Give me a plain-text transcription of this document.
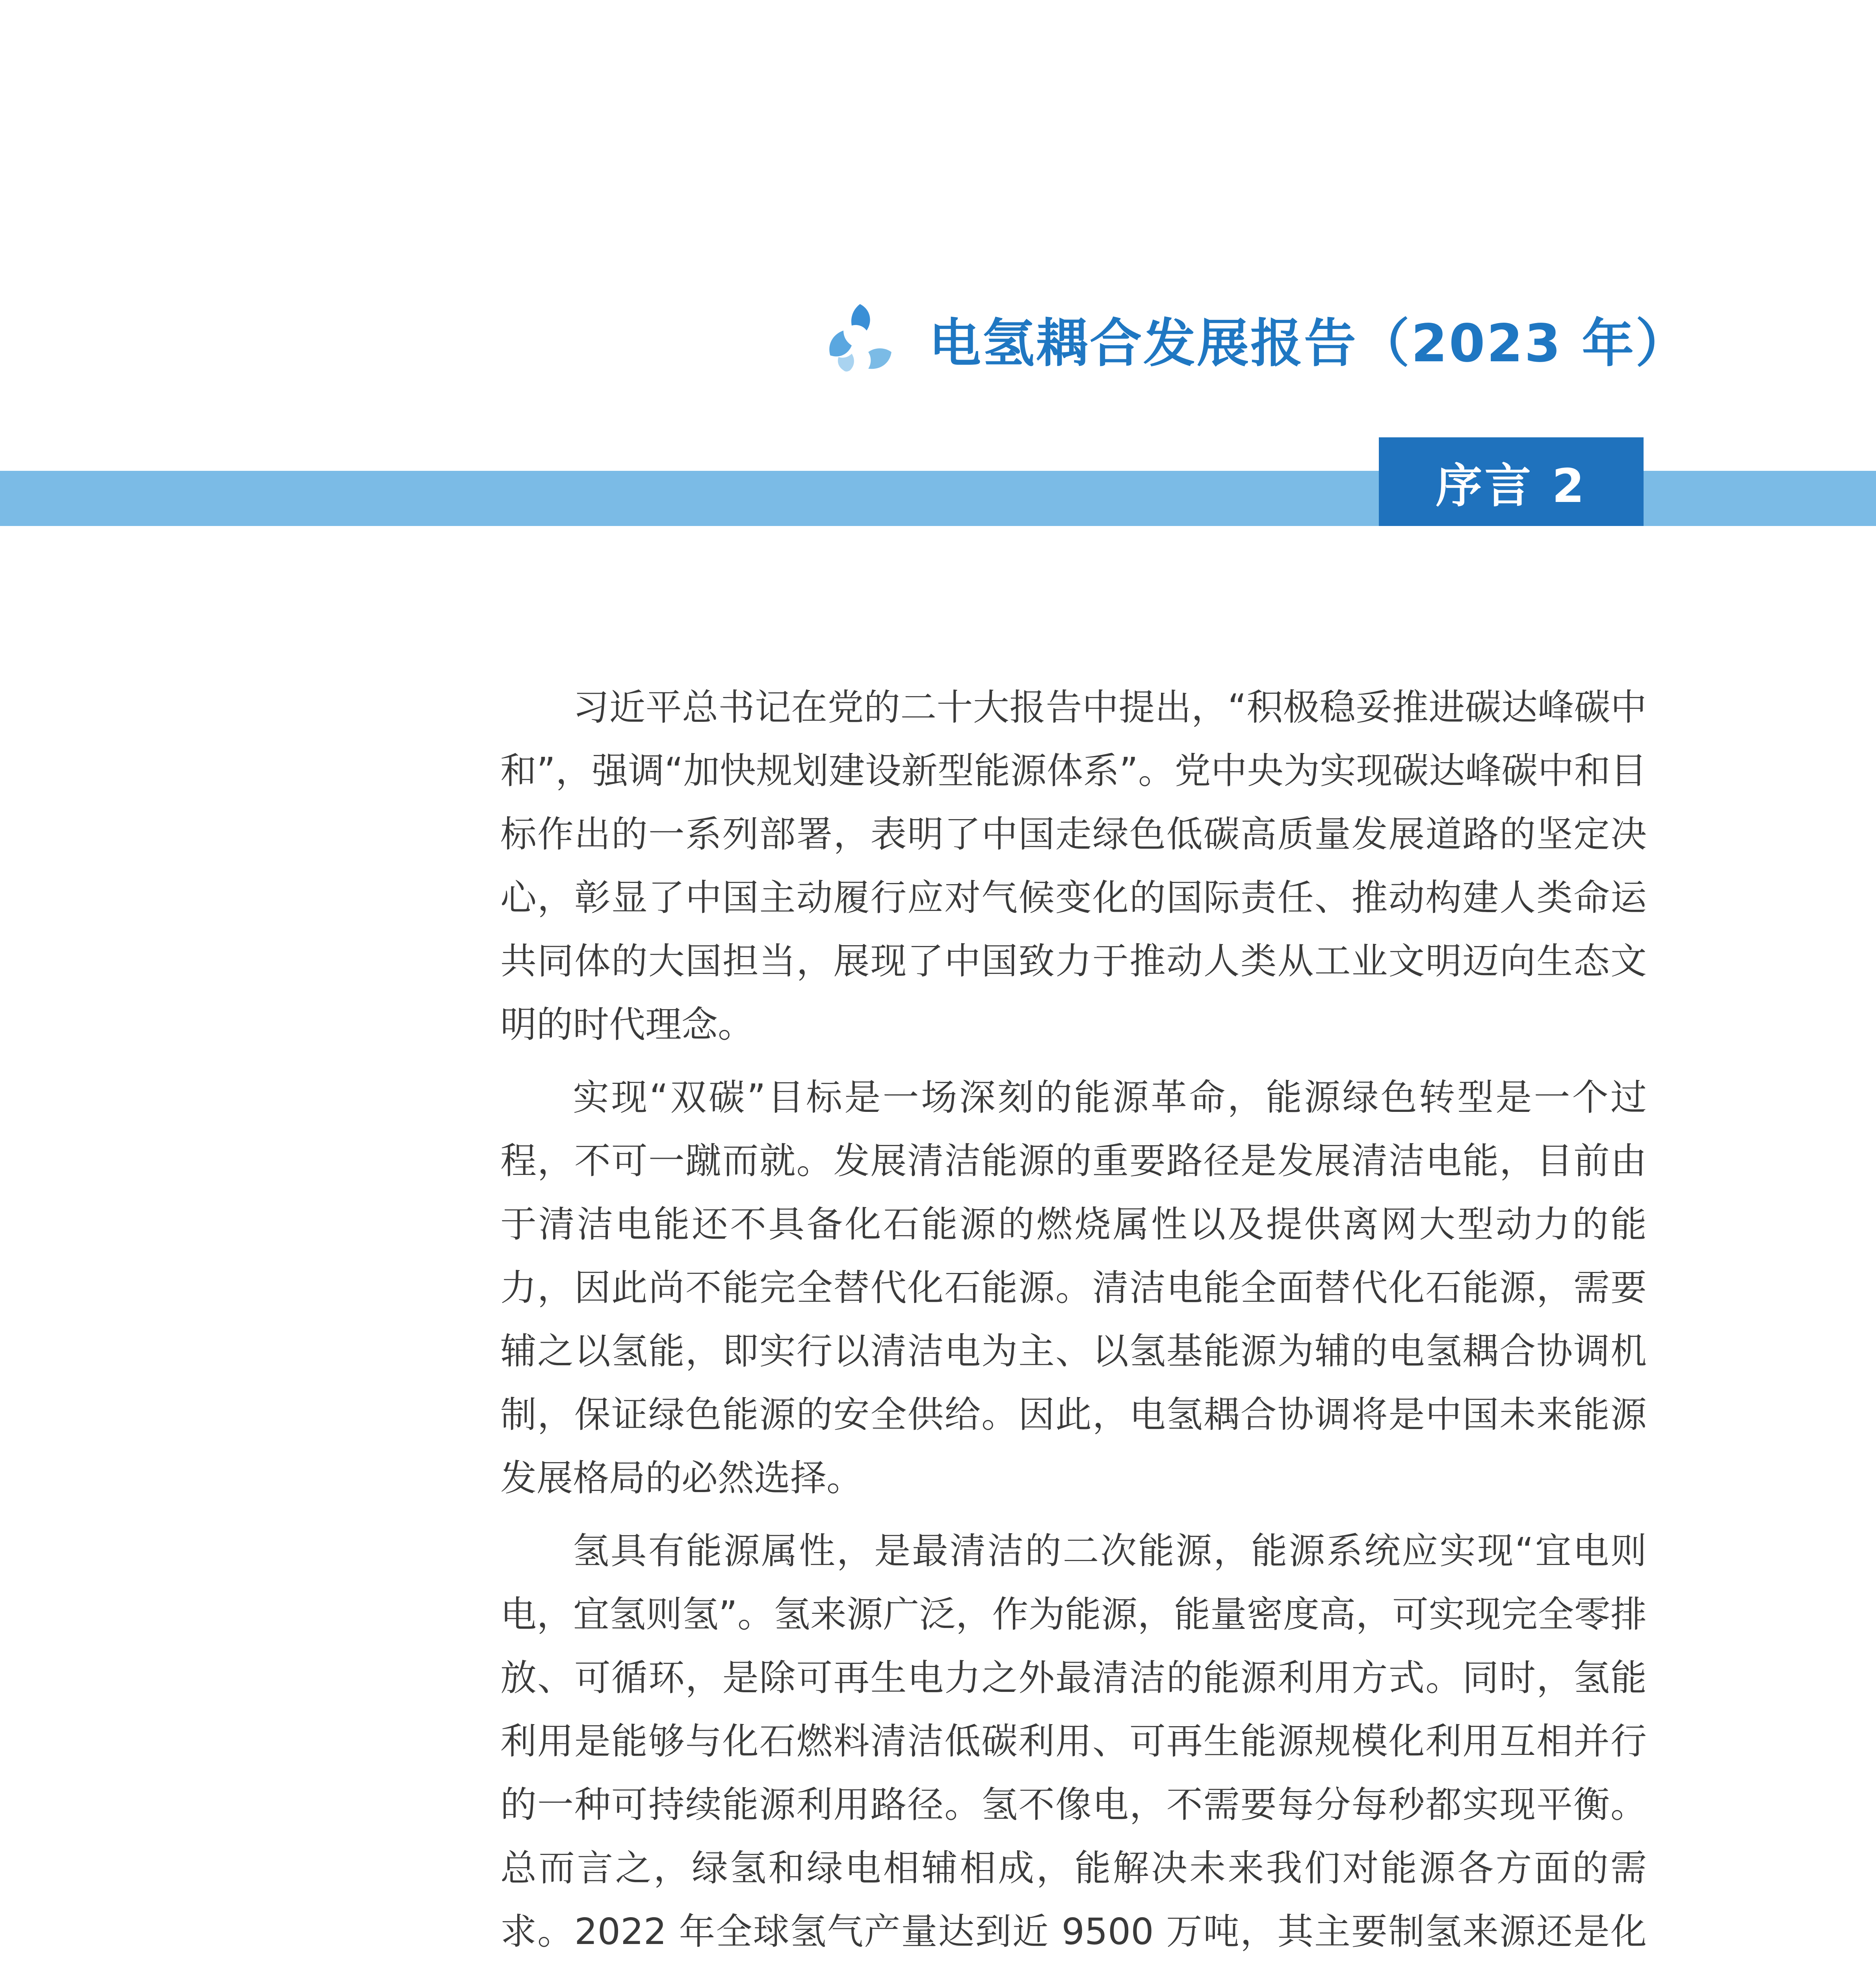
电氢耦合发展报告（2023 年）
序言 2

习近平总书记在党的二十大报告中提出，“积极稳妥推进碳达峰碳中和”，强调“加快规划建设新型能源体系”。党中央为实现碳达峰碳中和目标作出的一系列部署，表明了中国走绿色低碳高质量发展道路的坚定决心，彰显了中国主动履行应对气候变化的国际责任、推动构建人类命运共同体的大国担当，展现了中国致力于推动人类从工业文明迈向生态文明的时代理念。

实现“双碳”目标是一场深刻的能源革命，能源绿色转型是一个过程，不可一蹴而就。发展清洁能源的重要路径是发展清洁电能，目前由于清洁电能还不具备化石能源的燃烧属性以及提供离网大型动力的能力，因此尚不能完全替代化石能源。清洁电能全面替代化石能源，需要辅之以氢能，即实行以清洁电为主、以氢基能源为辅的电氢耦合协调机制，保证绿色能源的安全供给。因此，电氢耦合协调将是中国未来能源发展格局的必然选择。

氢具有能源属性，是最清洁的二次能源，能源系统应实现“宜电则电，宜氢则氢”。氢来源广泛，作为能源，能量密度高，可实现完全零排放、可循环，是除可再生电力之外最清洁的能源利用方式。同时，氢能利用是能够与化石燃料清洁低碳利用、可再生能源规模化利用互相并行的一种可持续能源利用路径。氢不像电，不需要每分每秒都实现平衡。总而言之，绿氢和绿电相辅相成，能解决未来我们对能源各方面的需求。2022 年全球氢气产量达到近 9500 万吨，其主要制氢来源还是化
